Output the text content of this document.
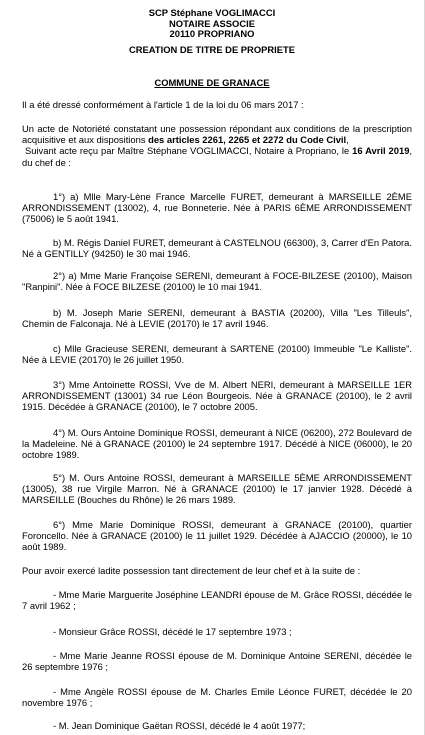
SCP Stéphane VOGLIMACCI
NOTAIRE ASSOCIE
20110 PROPRIANO
CREATION DE TITRE DE PROPRIETE
COMMUNE DE GRANACE

Il a été dressé conformément à l'article 1 de la loi du 06 mars 2017 :

Un acte de Notoriété constatant une possession répondant aux conditions de la prescription acquisitive et aux dispositions des articles 2261, 2265 et 2272 du Code Civil,
Suivant acte reçu par Maître Stéphane VOGLIMACCI, Notaire à Propriano, le 16 Avril 2019, du chef de :

1°) a) Mlle Mary-Lène France Marcelle FURET, demeurant à MARSEILLE 2ÈME ARRONDISSEMENT (13002), 4, rue Bonneterie. Née à PARIS 6ÈME ARRONDISSEMENT (75006) le 5 août 1941.

b) M. Régis Daniel FURET, demeurant à CASTELNOU (66300), 3, Carrer d'En Patora. Né à GENTILLY (94250) le 30 mai 1946.

2°) a) Mme Marie Françoise SERENI, demeurant à FOCE-BILZESE (20100), Maison "Ranpini". Née à FOCE BILZESE (20100) le 10 mai 1941.

b) M. Joseph Marie SERENI, demeurant à BASTIA (20200), Villa "Les Tilleuls", Chemin de Falconaja. Né à LEVIE (20170) le 17 avril 1946.

c) Mlle Gracieuse SERENI, demeurant à SARTENE (20100) Immeuble "Le Kalliste". Née à LEVIE (20170) le 26 juillet 1950.

3°) Mme Antoinette ROSSI, Vve de M. Albert NERI, demeurant à MARSEILLE 1ER ARRONDISSEMENT (13001) 34 rue Léon Bourgeois. Née à GRANACE (20100), le 2 avril 1915. Décédée à GRANACE (20100), le 7 octobre 2005.

4°) M. Ours Antoine Dominique ROSSI, demeurant à NICE (06200), 272 Boulevard de la Madeleine. Né à GRANACE (20100) le 24 septembre 1917. Décédé à NICE (06000), le 20 octobre 1989.

5°) M. Ours Antoine ROSSI, demeurant à MARSEILLE 5ÈME ARRONDISSEMENT (13005), 38 rue Virgile Marron. Né à GRANACE (20100) le 17 janvier 1928. Décédé à MARSEILLE (Bouches du Rhône) le 26 mars 1989.

6°) Mme Marie Dominique ROSSI, demeurant à GRANACE (20100), quartier Foroncello. Née à GRANACE (20100) le 11 juillet 1929. Décédée à AJACCIO (20000), le 10 août 1989.

Pour avoir exercé ladite possession tant directement de leur chef et à la suite de :

- Mme Marie Marguerite Joséphine LEANDRI épouse de M. Grâce ROSSI, décédée le 7 avril 1962 ;

- Monsieur Grâce ROSSI, décédé le 17 septembre 1973 ;

- Mme Marie Jeanne ROSSI épouse de M. Dominique Antoine SERENI, décédée le 26 septembre 1976 ;

- Mme Angèle ROSSI épouse de M. Charles Emile Léonce FURET, décédée le 20 novembre 1976 ;

- M. Jean Dominique Gaëtan ROSSI, décédé le 4 août 1977;
